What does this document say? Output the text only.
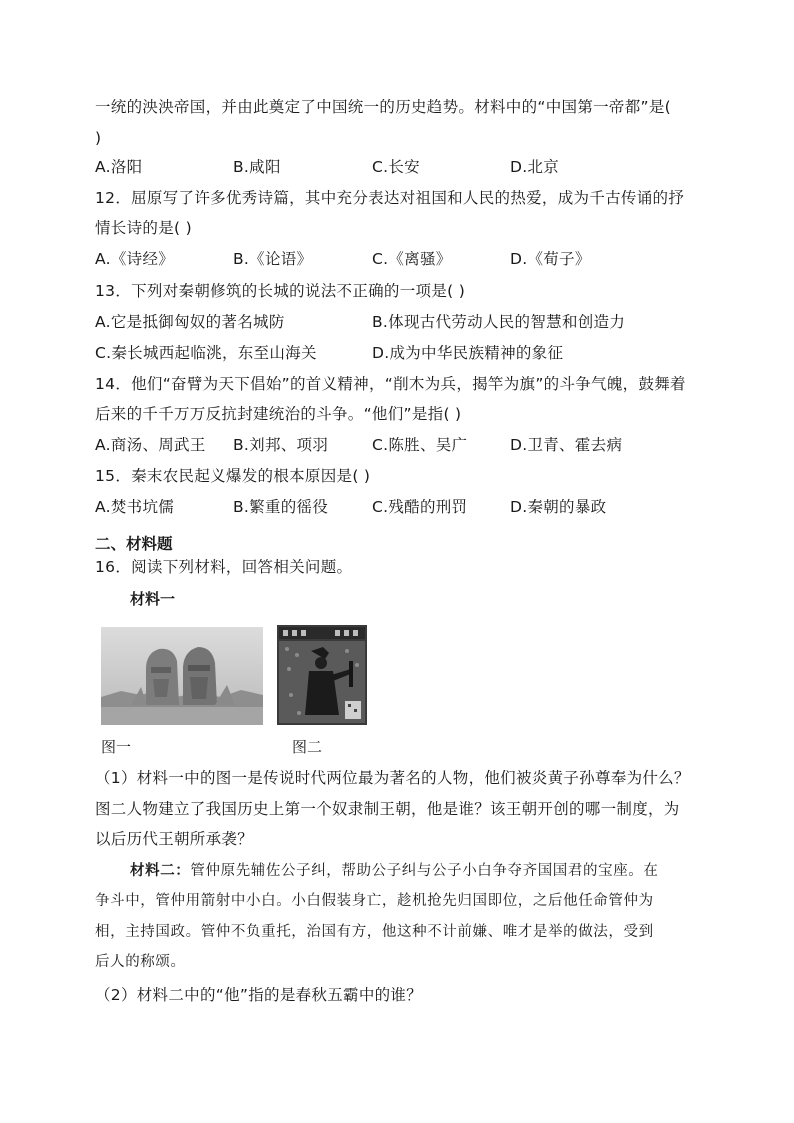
一统的泱泱帝国，并由此奠定了中国统一的历史趋势。材料中的“中国第一帝都”是(
)
A.洛阳	B.咸阳	C.长安	D.北京
12．屈原写了许多优秀诗篇，其中充分表达对祖国和人民的热爱，成为千古传诵的抒
情长诗的是( )
A.《诗经》	B.《论语》	C.《离骚》	D.《荀子》
13．下列对秦朝修筑的长城的说法不正确的一项是( )
A.它是抵御匈奴的著名城防	B.体现古代劳动人民的智慧和创造力
C.秦长城西起临洮，东至山海关	D.成为中华民族精神的象征
14．他们“奋臂为天下倡始”的首义精神，“削木为兵，揭竿为旗”的斗争气魄，鼓舞着
后来的千千万万反抗封建统治的斗争。“他们”是指( )
A.商汤、周武王 B.刘邦、项羽	C.陈胜、吴广	D.卫青、霍去病
15．秦末农民起义爆发的根本原因是( )
A.焚书坑儒	B.繁重的徭役	C.残酷的刑罚	D.秦朝的暴政
二、材料题
16．阅读下列材料，回答相关问题。
材料一
图一	图二
（1）材料一中的图一是传说时代两位最为著名的人物，他们被炎黄子孙尊奉为什么？
图二人物建立了我国历史上第一个奴隶制王朝，他是谁？该王朝开创的哪一制度，为
以后历代王朝所承袭？
材料二：管仲原先辅佐公子纠，帮助公子纠与公子小白争夺齐国国君的宝座。在
争斗中，管仲用箭射中小白。小白假装身亡，趁机抢先归国即位，之后他任命管仲为
相，主持国政。管仲不负重托，治国有方，他这种不计前嫌、唯才是举的做法，受到
后人的称颂。
（2）材料二中的“他”指的是春秋五霸中的谁？
